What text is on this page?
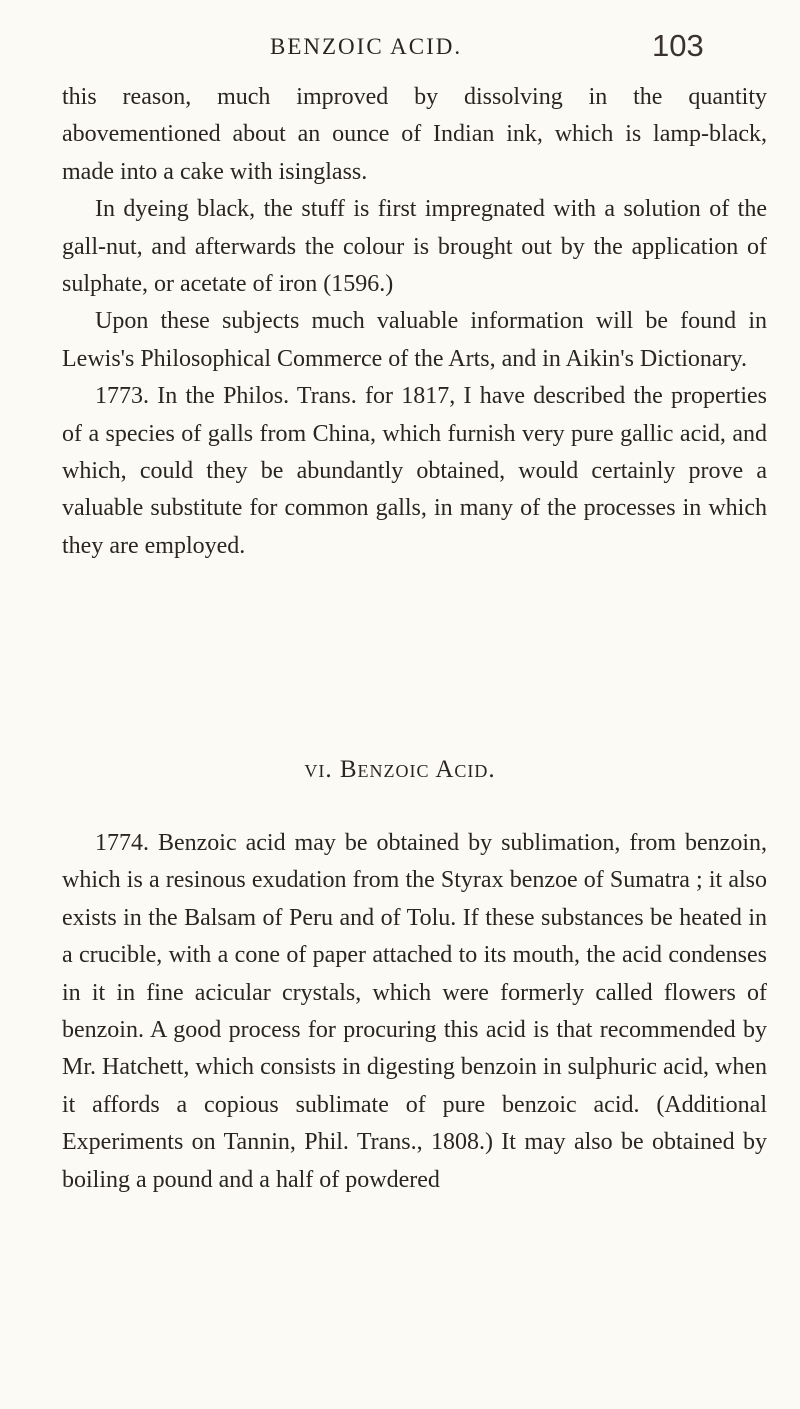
BENZOIC ACID.	103

this reason, much improved by dissolving in the quantity abovementioned about an ounce of Indian ink, which is lamp-black, made into a cake with isinglass.

In dyeing black, the stuff is first impregnated with a solution of the gall-nut, and afterwards the colour is brought out by the application of sulphate, or acetate of iron (1596.)

Upon these subjects much valuable information will be found in Lewis's Philosophical Commerce of the Arts, and in Aikin's Dictionary.

1773. In the Philos. Trans. for 1817, I have described the properties of a species of galls from China, which furnish very pure gallic acid, and which, could they be abundantly obtained, would certainly prove a valuable substitute for common galls, in many of the processes in which they are employed.

vi. Benzoic Acid.

1774. Benzoic acid may be obtained by sublimation, from benzoin, which is a resinous exudation from the Styrax benzoe of Sumatra ; it also exists in the Balsam of Peru and of Tolu. If these substances be heated in a crucible, with a cone of paper attached to its mouth, the acid condenses in it in fine acicular crystals, which were formerly called flowers of benzoin. A good process for procuring this acid is that recommended by Mr. Hatchett, which consists in digesting benzoin in sulphuric acid, when it affords a copious sublimate of pure benzoic acid. (Additional Experiments on Tannin, Phil. Trans., 1808.) It may also be obtained by boiling a pound and a half of powdered
